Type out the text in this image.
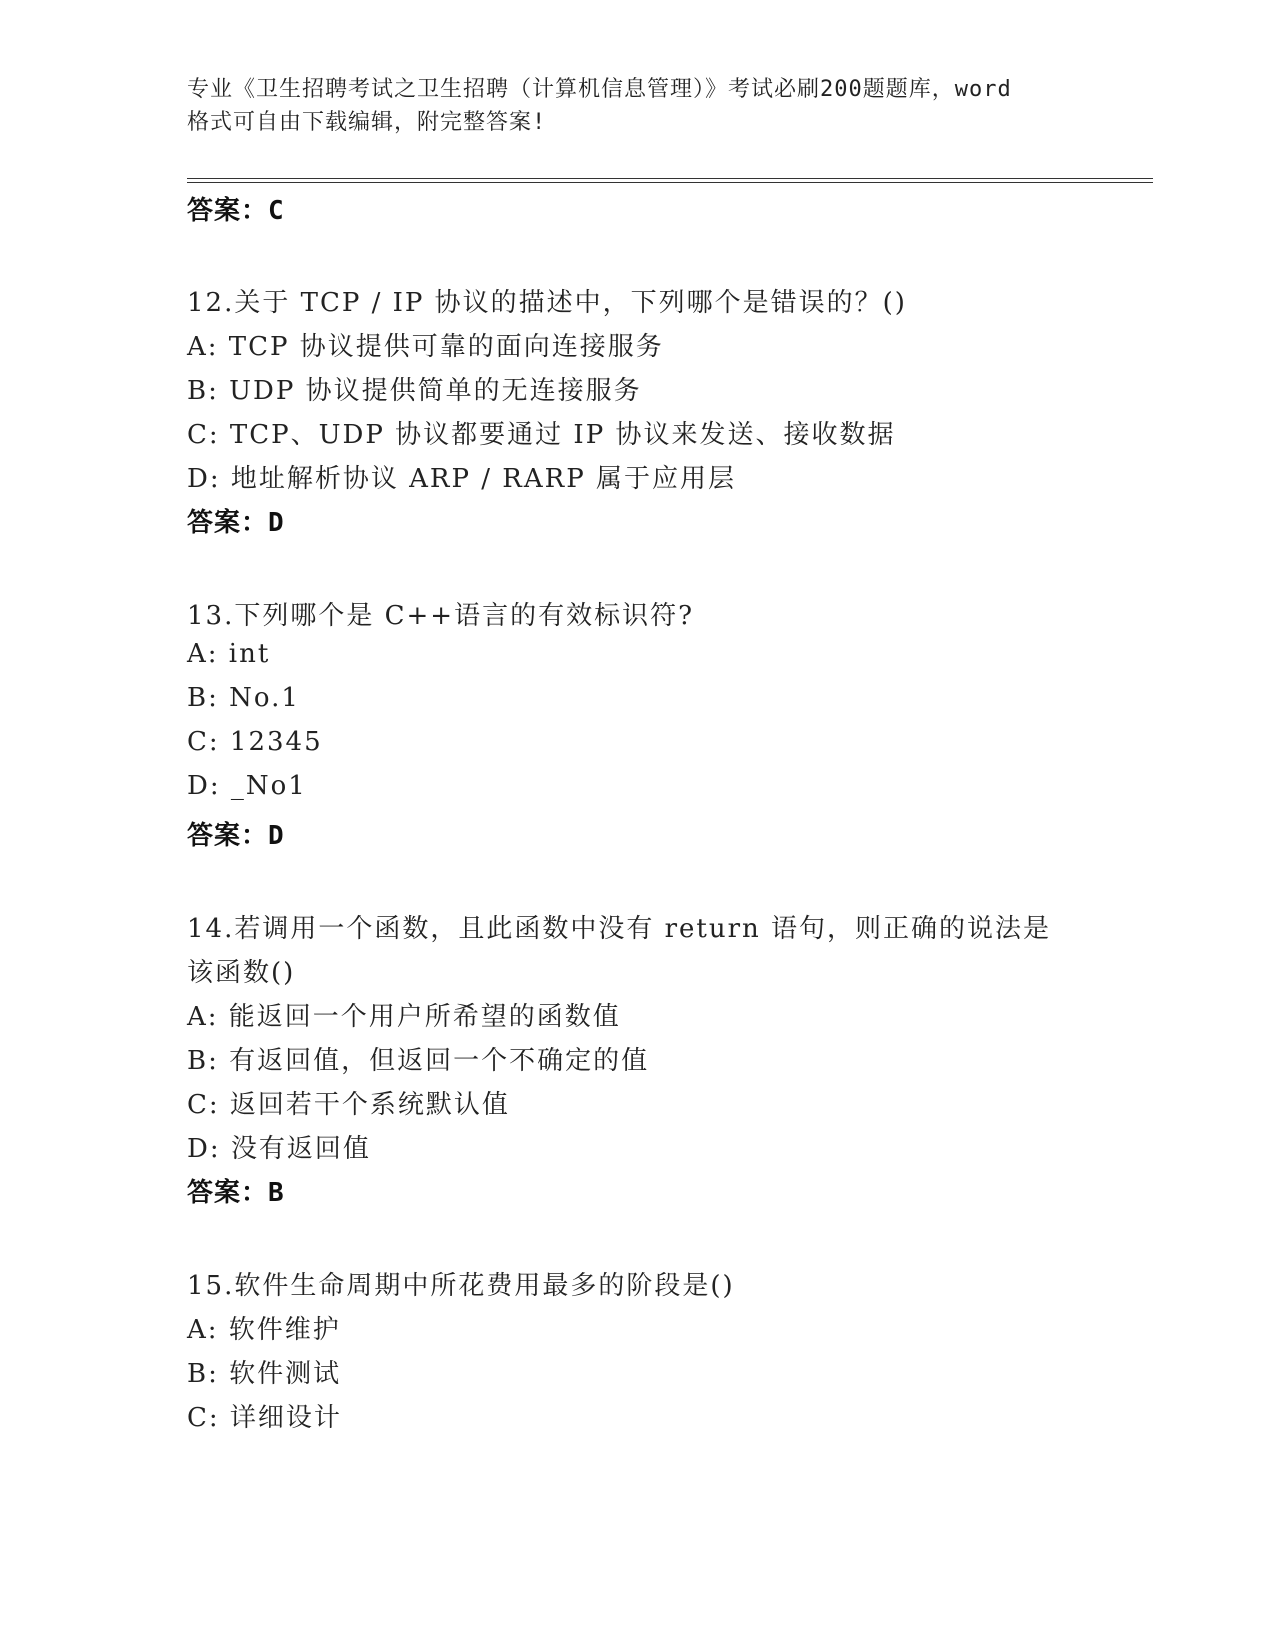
专业《卫生招聘考试之卫生招聘（计算机信息管理）》考试必刷200题题库，word
格式可自由下载编辑，附完整答案!
答案：C
12.关于 TCP / IP 协议的描述中，下列哪个是错误的？()
A: TCP 协议提供可靠的面向连接服务
B: UDP 协议提供简单的无连接服务
C: TCP、UDP 协议都要通过 IP 协议来发送、接收数据
D: 地址解析协议 ARP / RARP 属于应用层
答案：D
13.下列哪个是 C++语言的有效标识符?
A: int
B: No.1
C: 12345
D: _No1
答案：D
14.若调用一个函数，且此函数中没有 return 语句，则正确的说法是
该函数()
A: 能返回一个用户所希望的函数值
B: 有返回值，但返回一个不确定的值
C: 返回若干个系统默认值
D: 没有返回值
答案：B
15.软件生命周期中所花费用最多的阶段是()
A: 软件维护
B: 软件测试
C: 详细设计
